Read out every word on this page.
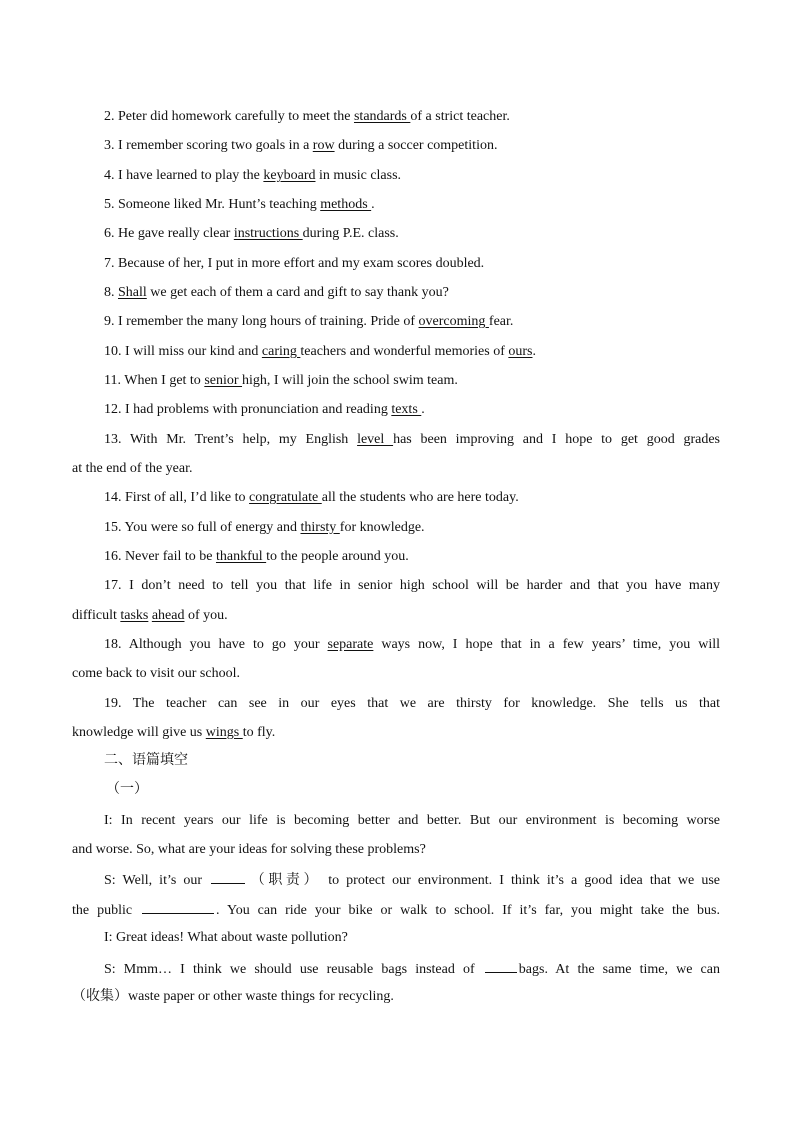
2. Peter did homework carefully to meet the standards of a strict teacher.
3. I remember scoring two goals in a row during a soccer competition.
4. I have learned to play the keyboard in music class.
5. Someone liked Mr. Hunt’s teaching methods .
6. He gave really clear instructions during P.E. class.
7. Because of her, I put in more effort and my exam scores doubled.
8. Shall we get each of them a card and gift to say thank you?
9. I remember the many long hours of training. Pride of overcoming fear.
10. I will miss our kind and caring teachers and wonderful memories of ours.
11. When I get to senior high, I will join the school swim team.
12. I had problems with pronunciation and reading texts .
13. With Mr. Trent’s help, my English level has been improving and I hope to get good grades
at the end of the year.
14. First of all, I’d like to congratulate all the students who are here today.
15. You were so full of energy and thirsty for knowledge.
16. Never fail to be thankful to the people around you.
17. I don’t need to tell you that life in senior high school will be harder and that you have many
difficult tasks ahead of you.
18. Although you have to go your separate ways now, I hope that in a few years’ time, you will
come back to visit our school.
19. The teacher can see in our eyes that we are thirsty for knowledge. She tells us that
knowledge will give us wings to fly.
二、语篇填空
（一）
I: In recent years our life is becoming better and better. But our environment is becoming worse
and worse. So, what are your ideas for solving these problems?
S: Well, it’s our	（职责） to protect our environment. I think it’s a good idea that we use
the public	. You can ride your bike or walk to school. If it’s far, you might take the bus.
I: Great ideas! What about waste pollution?
S: Mmm… I think we should use reusable bags instead of	bags. At the same time, we can
（收集）waste paper or other waste things for recycling.
